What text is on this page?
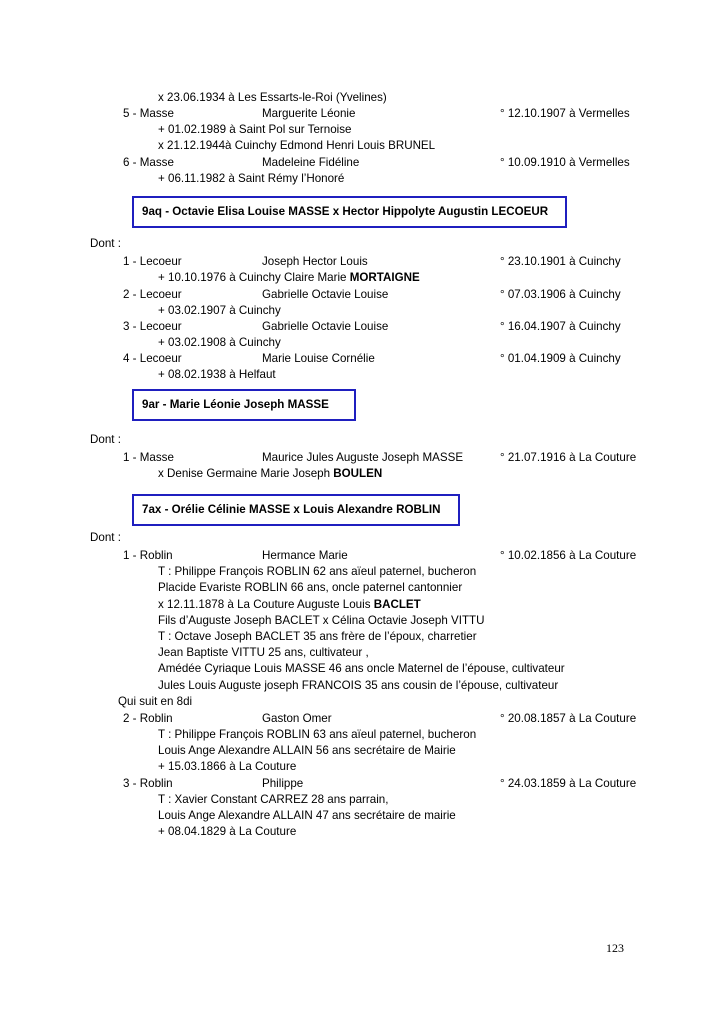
x 23.06.1934 à Les Essarts-le-Roi (Yvelines)
5 - Masse	Marguerite Léonie	° 12.10.1907 à Vermelles
+ 01.02.1989 à Saint Pol sur Ternoise
x 21.12.1944à Cuinchy Edmond Henri Louis BRUNEL
6 - Masse	Madeleine Fidéline	° 10.09.1910 à Vermelles
+ 06.11.1982 à Saint Rémy l’Honoré
9aq - Octavie Elisa Louise MASSE x Hector Hippolyte Augustin LECOEUR
Dont :
1 - Lecoeur	Joseph Hector Louis	° 23.10.1901 à Cuinchy
+ 10.10.1976 à Cuinchy Claire Marie MORTAIGNE
2 - Lecoeur	Gabrielle Octavie Louise	° 07.03.1906 à Cuinchy
+ 03.02.1907 à Cuinchy
3 - Lecoeur	Gabrielle Octavie Louise	° 16.04.1907 à Cuinchy
+ 03.02.1908 à Cuinchy
4 - Lecoeur	Marie Louise Cornélie	° 01.04.1909 à Cuinchy
+ 08.02.1938 à Helfaut
9ar - Marie Léonie Joseph MASSE
Dont :
1 - Masse	Maurice Jules Auguste Joseph MASSE	° 21.07.1916 à La Couture
x Denise Germaine Marie Joseph BOULEN
7ax - Orélie Célinie MASSE x Louis Alexandre ROBLIN
Dont :
1 - Roblin	Hermance Marie	° 10.02.1856 à La Couture
T : Philippe François ROBLIN 62 ans aïeul paternel, bucheron
Placide Evariste ROBLIN 66 ans, oncle paternel cantonnier
x 12.11.1878 à La Couture Auguste Louis BACLET
Fils d’Auguste Joseph BACLET x Célina Octavie Joseph VITTU
T : Octave Joseph BACLET 35 ans frère de l’époux, charretier
Jean Baptiste VITTU 25 ans, cultivateur ,
Amédée Cyriaque Louis MASSE 46 ans oncle Maternel de l’épouse, cultivateur
Jules Louis Auguste joseph FRANCOIS 35 ans cousin de l’épouse, cultivateur
Qui suit en 8di
2 - Roblin	Gaston Omer	° 20.08.1857 à La Couture
T : Philippe François ROBLIN 63 ans aïeul paternel, bucheron
Louis Ange Alexandre ALLAIN 56 ans secrétaire de Mairie
+ 15.03.1866 à La Couture
3 - Roblin	Philippe	° 24.03.1859 à La Couture
T : Xavier Constant CARREZ 28 ans parrain,
Louis Ange Alexandre ALLAIN 47 ans secrétaire de mairie
+ 08.04.1829 à La Couture
123
